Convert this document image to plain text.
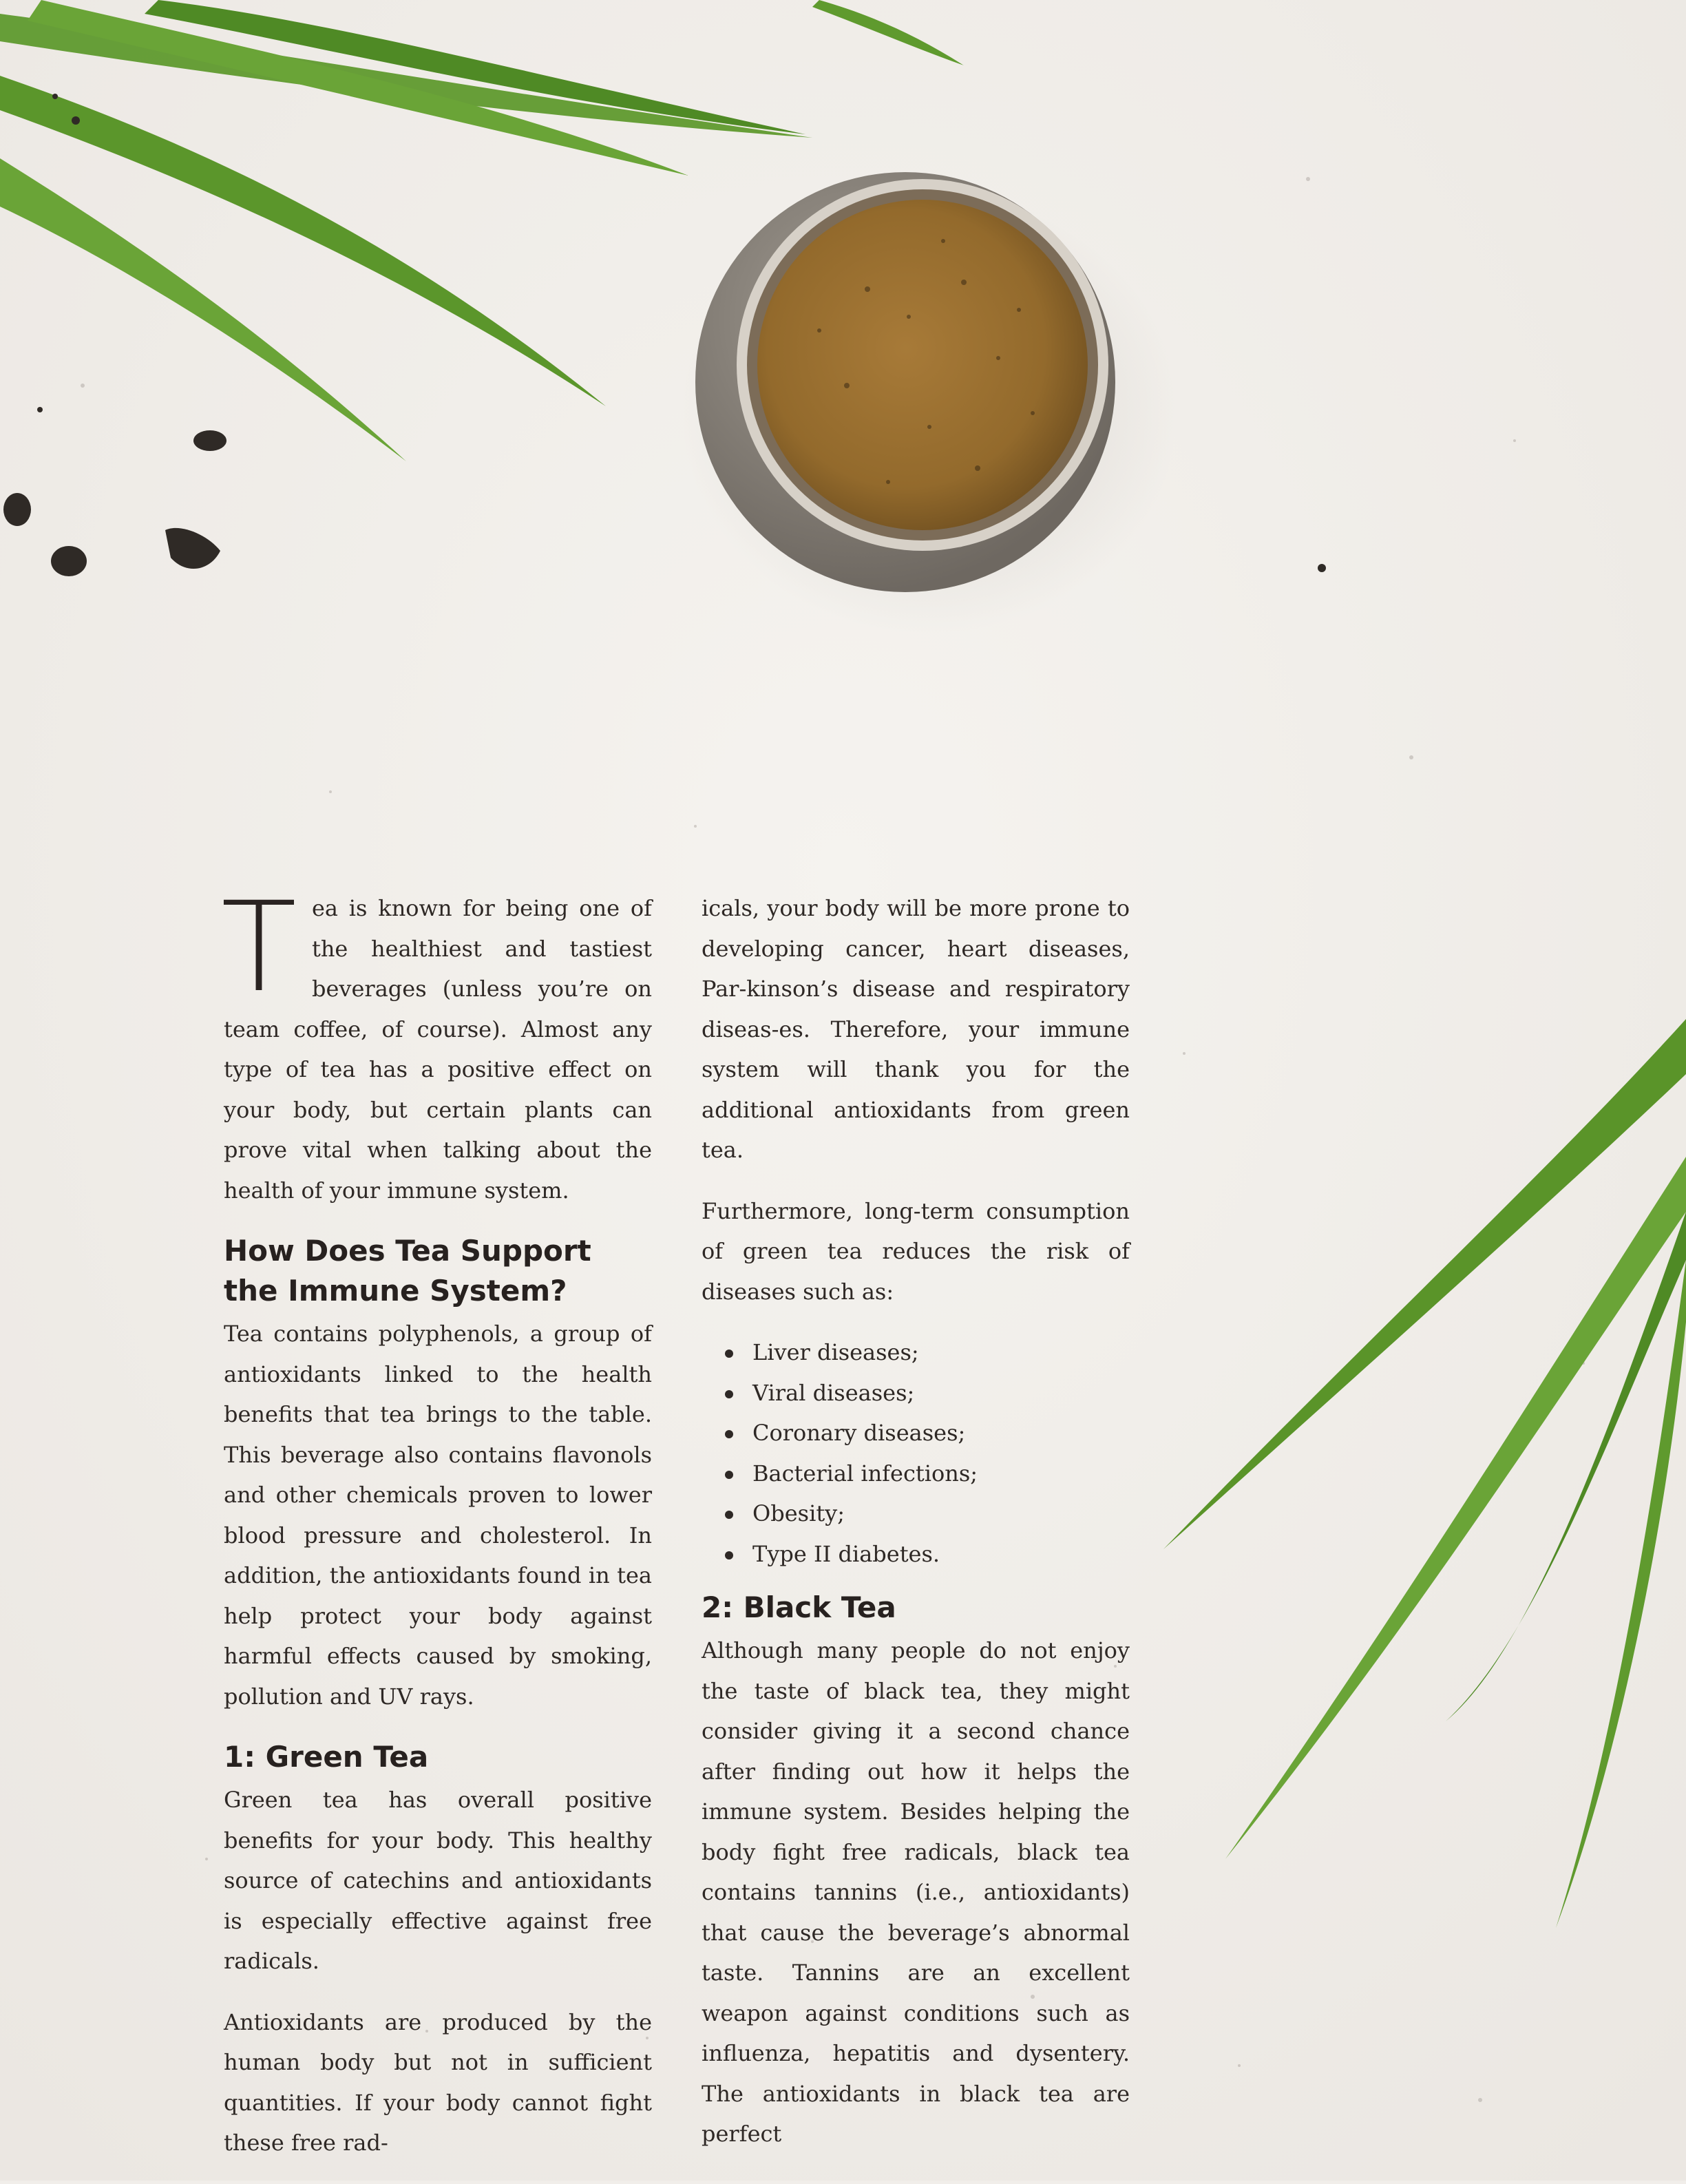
T ea is known for being one of the healthiest and tastiest beverages (unless you’re on team coffee, of course). Almost any type of tea has a positive effect on your body, but certain plants can prove vital when talking about the health of your immune system.

How Does Tea Support the Immune System?

Tea contains polyphenols, a group of antioxidants linked to the health benefits that tea brings to the table. This beverage also contains flavonols and other chemicals proven to lower blood pressure and cholesterol. In addition, the antioxidants found in tea help protect your body against harmful effects caused by smoking, pollution and UV rays.

1: Green Tea

Green tea has overall positive benefits for your body. This healthy source of catechins and antioxidants is especially effective against free radicals.

Antioxidants are produced by the human body but not in sufficient quantities. If your body cannot fight these free rad-

icals, your body will be more prone to developing cancer, heart diseases, Par-kinson’s disease and respiratory diseas-es. Therefore, your immune system will thank you for the additional antioxidants from green tea.

Furthermore, long-term consumption of green tea reduces the risk of diseases such as:

Liver diseases;
Viral diseases;
Coronary diseases;
Bacterial infections;
Obesity;
Type II diabetes.
2: Black Tea

Although many people do not enjoy the taste of black tea, they might consider giving it a second chance after finding out how it helps the immune system. Besides helping the body fight free radicals, black tea contains tannins (i.e., antioxidants) that cause the beverage’s abnormal taste. Tannins are an excellent weapon against conditions such as influenza, hepatitis and dysentery. The antioxidants in black tea are perfect
